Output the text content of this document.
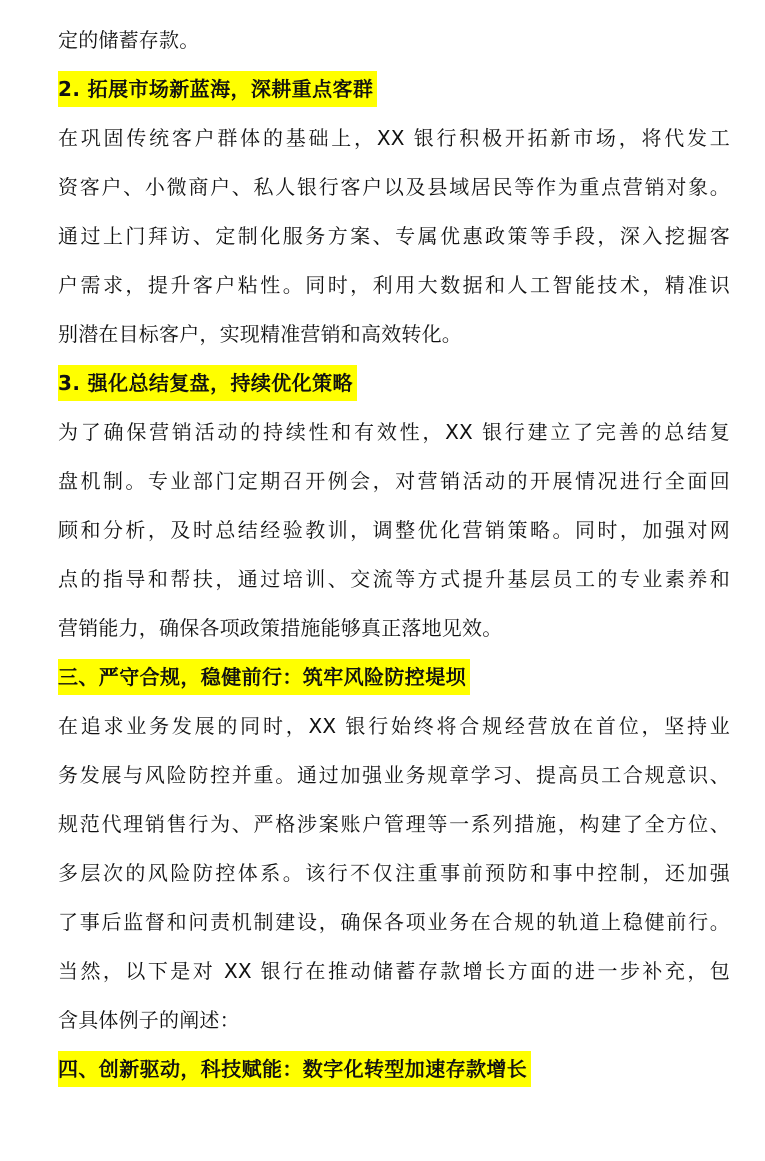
定的储蓄存款。
2. 拓展市场新蓝海，深耕重点客群
在巩固传统客户群体的基础上，XX 银行积极开拓新市场，将代发工
资客户、小微商户、私人银行客户以及县域居民等作为重点营销对象。
通过上门拜访、定制化服务方案、专属优惠政策等手段，深入挖掘客
户需求，提升客户粘性。同时，利用大数据和人工智能技术，精准识
别潜在目标客户，实现精准营销和高效转化。
3. 强化总结复盘，持续优化策略
为了确保营销活动的持续性和有效性，XX 银行建立了完善的总结复
盘机制。专业部门定期召开例会，对营销活动的开展情况进行全面回
顾和分析，及时总结经验教训，调整优化营销策略。同时，加强对网
点的指导和帮扶，通过培训、交流等方式提升基层员工的专业素养和
营销能力，确保各项政策措施能够真正落地见效。
三、严守合规，稳健前行：筑牢风险防控堤坝
在追求业务发展的同时，XX 银行始终将合规经营放在首位，坚持业
务发展与风险防控并重。通过加强业务规章学习、提高员工合规意识、
规范代理销售行为、严格涉案账户管理等一系列措施，构建了全方位、
多层次的风险防控体系。该行不仅注重事前预防和事中控制，还加强
了事后监督和问责机制建设，确保各项业务在合规的轨道上稳健前行。
当然，以下是对 XX 银行在推动储蓄存款增长方面的进一步补充，包
含具体例子的阐述：
四、创新驱动，科技赋能：数字化转型加速存款增长
